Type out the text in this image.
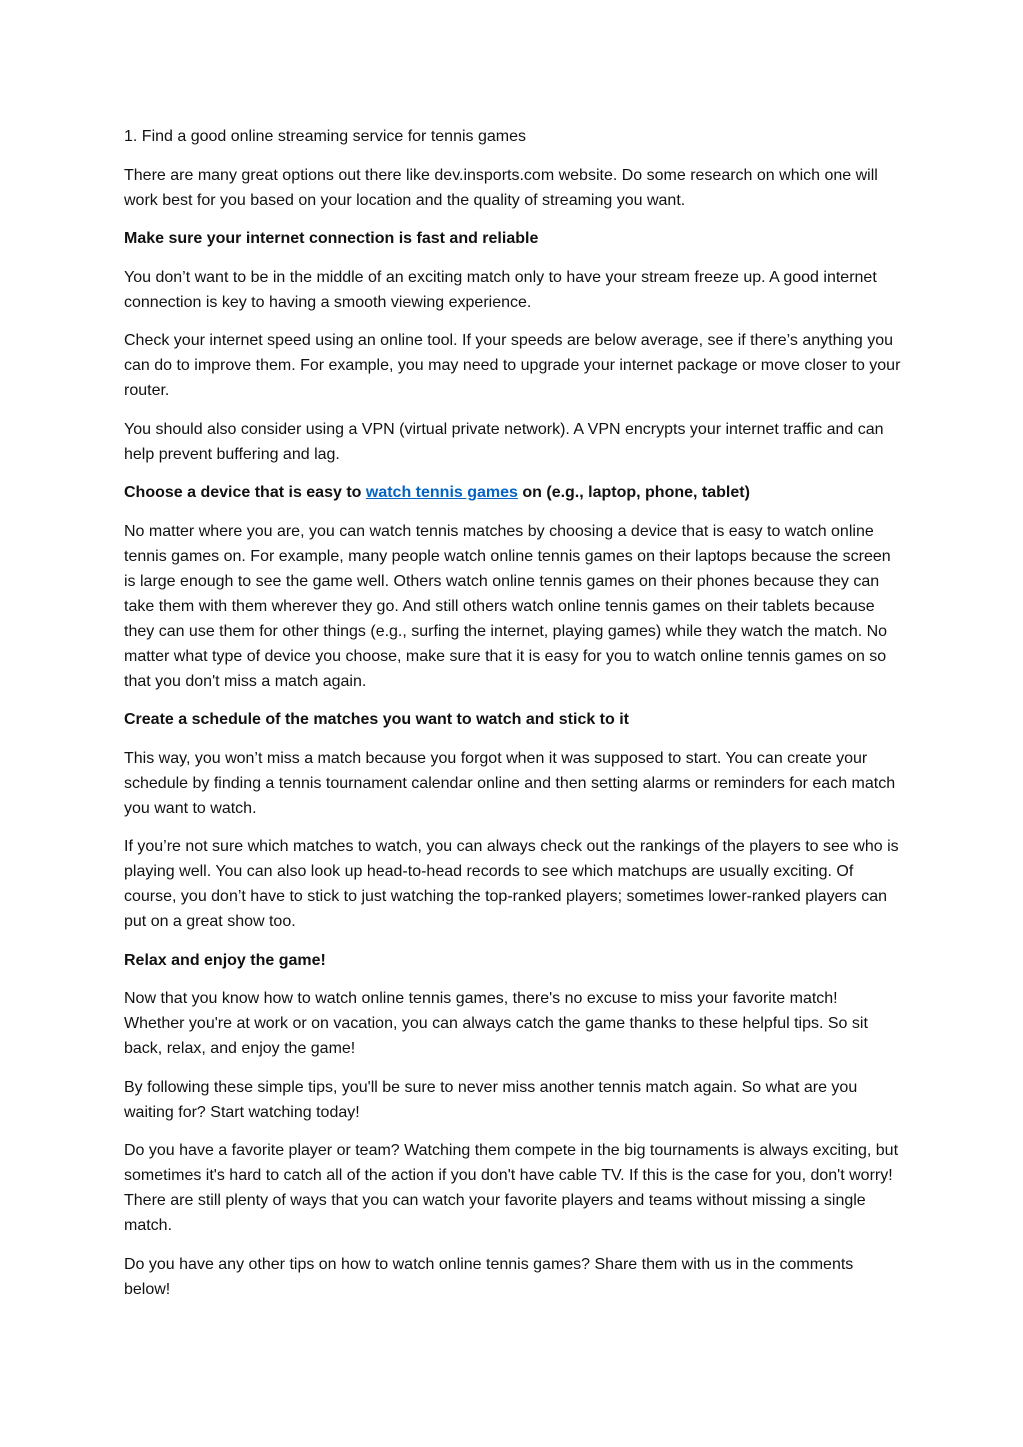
1. Find a good online streaming service for tennis games

There are many great options out there like dev.insports.com website. Do some research on which one will work best for you based on your location and the quality of streaming you want.

Make sure your internet connection is fast and reliable

You don’t want to be in the middle of an exciting match only to have your stream freeze up. A good internet connection is key to having a smooth viewing experience.

Check your internet speed using an online tool. If your speeds are below average, see if there’s anything you can do to improve them. For example, you may need to upgrade your internet package or move closer to your router.

You should also consider using a VPN (virtual private network). A VPN encrypts your internet traffic and can help prevent buffering and lag.

Choose a device that is easy to watch tennis games on (e.g., laptop, phone, tablet)

No matter where you are, you can watch tennis matches by choosing a device that is easy to watch online tennis games on. For example, many people watch online tennis games on their laptops because the screen is large enough to see the game well. Others watch online tennis games on their phones because they can take them with them wherever they go. And still others watch online tennis games on their tablets because they can use them for other things (e.g., surfing the internet, playing games) while they watch the match. No matter what type of device you choose, make sure that it is easy for you to watch online tennis games on so that you don't miss a match again.

Create a schedule of the matches you want to watch and stick to it

This way, you won’t miss a match because you forgot when it was supposed to start. You can create your schedule by finding a tennis tournament calendar online and then setting alarms or reminders for each match you want to watch.

If you’re not sure which matches to watch, you can always check out the rankings of the players to see who is playing well. You can also look up head-to-head records to see which matchups are usually exciting. Of course, you don’t have to stick to just watching the top-ranked players; sometimes lower-ranked players can put on a great show too.

Relax and enjoy the game!

Now that you know how to watch online tennis games, there's no excuse to miss your favorite match! Whether you're at work or on vacation, you can always catch the game thanks to these helpful tips. So sit back, relax, and enjoy the game!

By following these simple tips, you'll be sure to never miss another tennis match again. So what are you waiting for? Start watching today!

Do you have a favorite player or team? Watching them compete in the big tournaments is always exciting, but sometimes it's hard to catch all of the action if you don't have cable TV. If this is the case for you, don't worry! There are still plenty of ways that you can watch your favorite players and teams without missing a single match.

Do you have any other tips on how to watch online tennis games? Share them with us in the comments below!
